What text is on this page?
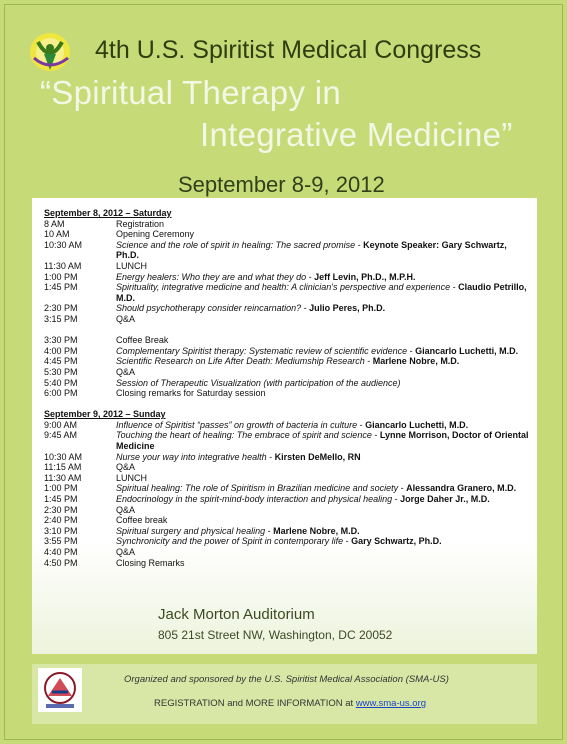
4th U.S. Spiritist Medical Congress
“Spiritual Therapy in
Integrative Medicine”
September 8-9, 2012
September 8, 2012 – Saturday
8 AM	Registration
10 AM	Opening Ceremony
10:30 AM	Science and the role of spirit in healing: The sacred promise - Keynote Speaker: Gary Schwartz, Ph.D.
11:30 AM	LUNCH
1:00 PM	Energy healers: Who they are and what they do - Jeff Levin, Ph.D., M.P.H.
1:45 PM	Spirituality, integrative medicine and health: A clinician's perspective and experience - Claudio Petrillo, M.D.
2:30 PM	Should psychotherapy consider reincarnation? - Julio Peres, Ph.D.
3:15 PM	Q&A
3:30 PM	Coffee Break
4:00 PM	Complementary Spiritist therapy: Systematic review of scientific evidence - Giancarlo Luchetti, M.D.
4:45 PM	Scientific Research on Life After Death: Mediumship Research - Marlene Nobre, M.D.
5:30 PM	Q&A
5:40 PM	Session of Therapeutic Visualization (with participation of the audience)
6:00 PM	Closing remarks for Saturday session
September 9, 2012 – Sunday
9:00 AM	Influence of Spiritist “passes” on growth of bacteria in culture - Giancarlo Luchetti, M.D.
9:45 AM	Touching the heart of healing: The embrace of spirit and science - Lynne Morrison, Doctor of Oriental Medicine
10:30 AM	Nurse your way into integrative health - Kirsten DeMello, RN
11:15 AM	Q&A
11:30 AM	LUNCH
1:00 PM	Spiritual healing: The role of Spiritism in Brazilian medicine and society - Alessandra Granero, M.D.
1:45 PM	Endocrinology in the spirit-mind-body interaction and physical healing - Jorge Daher Jr., M.D.
2:30 PM	Q&A
2:40 PM	Coffee break
3:10 PM	Spiritual surgery and physical healing - Marlene Nobre, M.D.
3:55 PM	Synchronicity and the power of Spirit in contemporary life - Gary Schwartz, Ph.D.
4:40 PM	Q&A
4:50 PM	Closing Remarks
Jack Morton Auditorium
805 21st Street NW, Washington, DC 20052
Organized and sponsored by the U.S. Spiritist Medical Association (SMA-US)
REGISTRATION and MORE INFORMATION at www.sma-us.org
